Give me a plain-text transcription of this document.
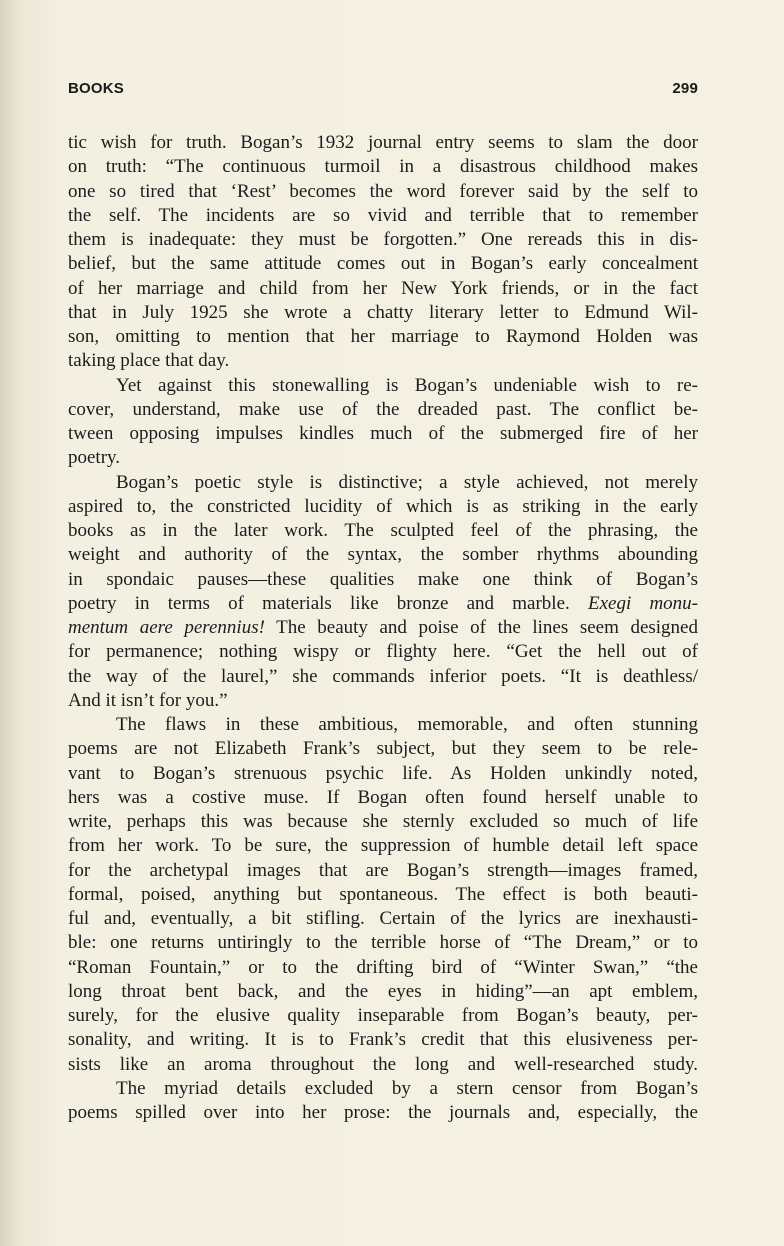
BOOKS	299
tic wish for truth. Bogan’s 1932 journal entry seems to slam the door
on truth: “The continuous turmoil in a disastrous childhood makes
one so tired that ‘Rest’ becomes the word forever said by the self to
the self. The incidents are so vivid and terrible that to remember
them is inadequate: they must be forgotten.” One rereads this in dis-
belief, but the same attitude comes out in Bogan’s early concealment
of her marriage and child from her New York friends, or in the fact
that in July 1925 she wrote a chatty literary letter to Edmund Wil-
son, omitting to mention that her marriage to Raymond Holden was
taking place that day.
Yet against this stonewalling is Bogan’s undeniable wish to re-
cover, understand, make use of the dreaded past. The conflict be-
tween opposing impulses kindles much of the submerged fire of her
poetry.
Bogan’s poetic style is distinctive; a style achieved, not merely
aspired to, the constricted lucidity of which is as striking in the early
books as in the later work. The sculpted feel of the phrasing, the
weight and authority of the syntax, the somber rhythms abounding
in spondaic pauses—these qualities make one think of Bogan’s
poetry in terms of materials like bronze and marble. Exegi monu-
mentum aere perennius! The beauty and poise of the lines seem designed
for permanence; nothing wispy or flighty here. “Get the hell out of
the way of the laurel,” she commands inferior poets. “It is deathless/
And it isn’t for you.”
The flaws in these ambitious, memorable, and often stunning
poems are not Elizabeth Frank’s subject, but they seem to be rele-
vant to Bogan’s strenuous psychic life. As Holden unkindly noted,
hers was a costive muse. If Bogan often found herself unable to
write, perhaps this was because she sternly excluded so much of life
from her work. To be sure, the suppression of humble detail left space
for the archetypal images that are Bogan’s strength—images framed,
formal, poised, anything but spontaneous. The effect is both beauti-
ful and, eventually, a bit stifling. Certain of the lyrics are inexhausti-
ble: one returns untiringly to the terrible horse of “The Dream,” or to
“Roman Fountain,” or to the drifting bird of “Winter Swan,” “the
long throat bent back, and the eyes in hiding”—an apt emblem,
surely, for the elusive quality inseparable from Bogan’s beauty, per-
sonality, and writing. It is to Frank’s credit that this elusiveness per-
sists like an aroma throughout the long and well-researched study.
The myriad details excluded by a stern censor from Bogan’s
poems spilled over into her prose: the journals and, especially, the
